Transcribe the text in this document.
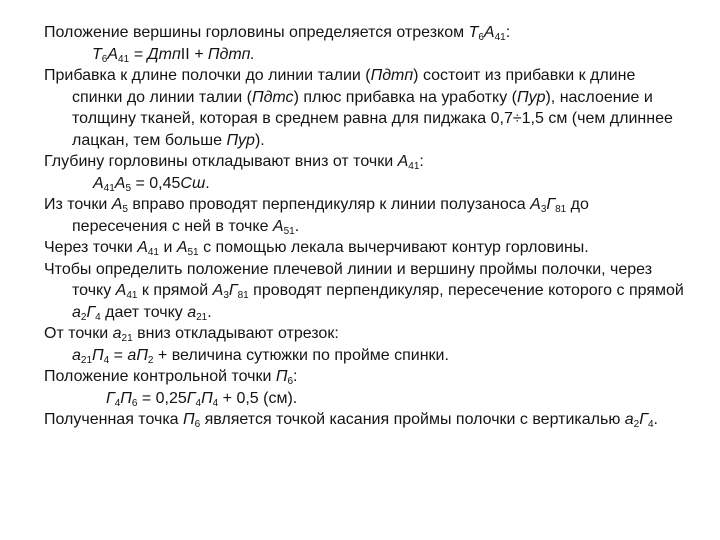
Положение вершины горловины определяется отрезком $Т_6А_{41}$:

$Т_6А_{41}$ = ДтпII + Пдтп.

Прибавка к длине полочки до линии талии (Пдтп) состоит из прибавки к длине спинки до линии талии (Пдтс) плюс прибавка на уработку (Пур), наслоение и толщину тканей, которая в среднем равна для пиджака 0,7÷1,5 см (чем длиннее лацкан, тем больше Пур).

Глубину горловины откладывают вниз от точки $А_{41}$:

$А_{41}А_5 = 0,45Сш$.

Из точки $А_5$ вправо проводят перпендикуляр к линии полузаноса $А_3Г_{81}$ до пересечения с ней в точке $А_{51}$.

Через точки $А_{41}$ и $А_{51}$ с помощью лекала вычерчивают контур горловины.

Чтобы определить положение плечевой линии и вершину проймы полочки, через точку $А_{41}$ к прямой $А_3Г_{81}$ проводят перпендикуляр, пересечение которого с прямой $а_2Г_4$ дает точку $а_{21}$.

От точки $а_{21}$ вниз откладывают отрезок:

$а_{21}П_4 = аП_2$ + величина сутюжки по пройме спинки.

Положение контрольной точки $П_6$:

$Г_4П_6 = 0,25Г_4П_4 + 0,5$ (см).

Полученная точка $П_6$ является точкой касания проймы полочки с вертикалью $а_2Г_4$.
